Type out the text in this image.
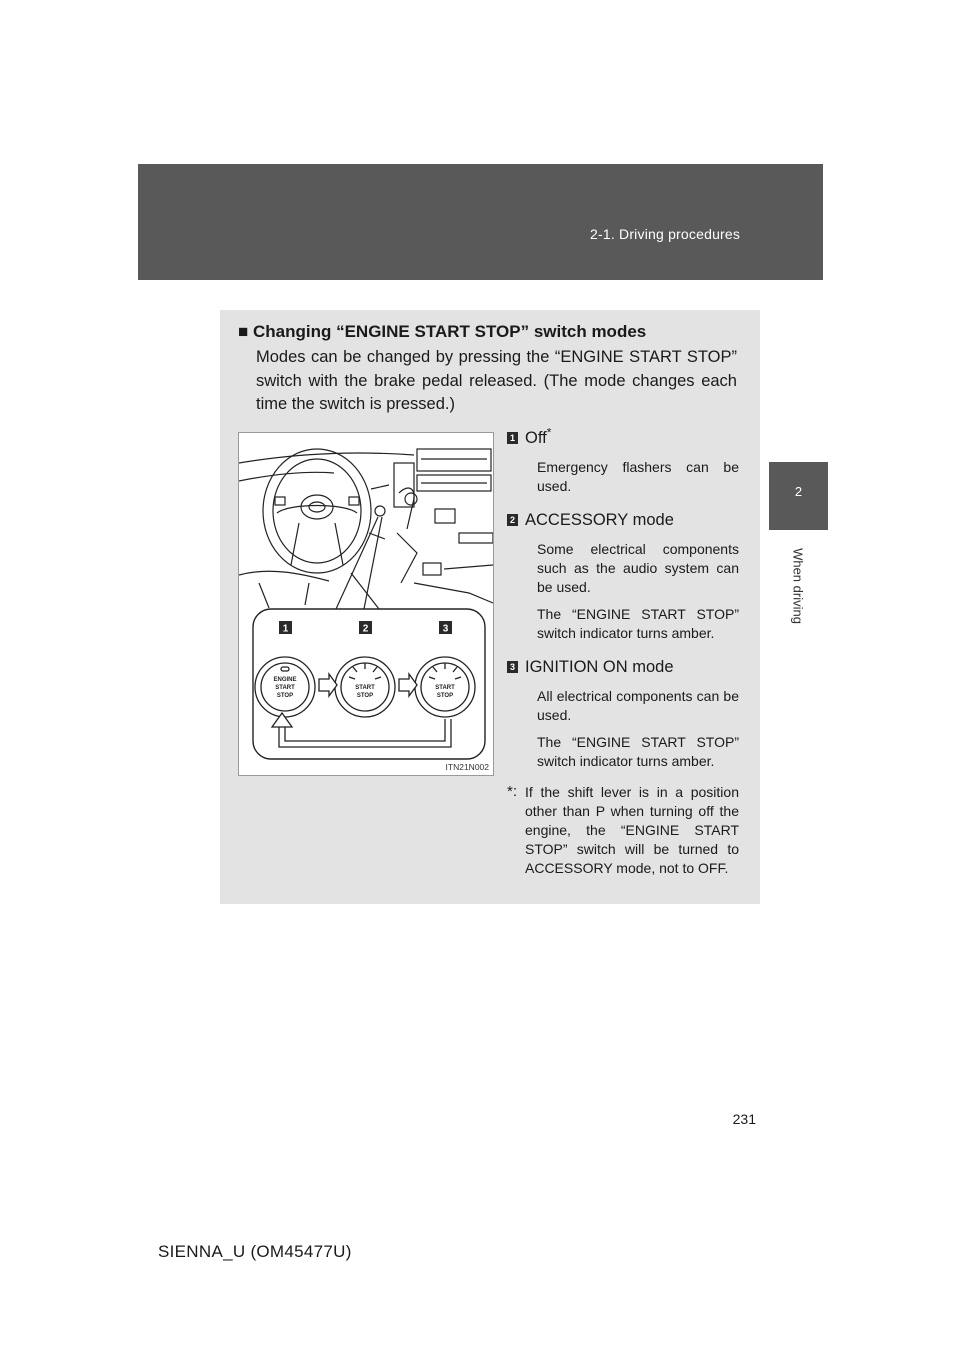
2-1. Driving procedures
2
When driving
■ Changing “ENGINE START STOP” switch modes
Modes can be changed by pressing the “ENGINE START STOP” switch with the brake pedal released. (The mode changes each time the switch is pressed.)
1	2	3
ENGINE
START
STOP
START
STOP
START
STOP
ITN21N002
1 Off*
Emergency flashers can be used.
2 ACCESSORY mode
Some electrical components such as the audio system can be used.
The “ENGINE START STOP” switch indicator turns amber.
3 IGNITION ON mode
All electrical components can be used.
The “ENGINE START STOP” switch indicator turns amber.
*: If the shift lever is in a position other than P when turning off the engine, the “ENGINE START STOP” switch will be turned to ACCESSORY mode, not to OFF.
231
SIENNA_U (OM45477U)
